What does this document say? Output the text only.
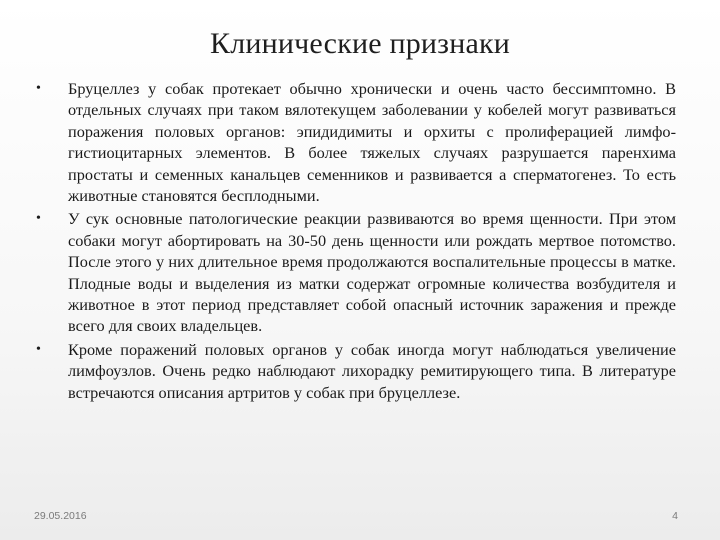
Клинические признаки
• Бруцеллез у собак протекает обычно хронически и очень часто бессимптомно. В отдельных случаях при таком вялотекущем заболевании у кобелей могут развиваться поражения половых органов: эпидидимиты и орхиты с пролиферацией лимфо-гистиоцитарных элементов. В более тяжелых случаях разрушается паренхима простаты и семенных канальцев семенников и развивается а сперматогенез. То есть животные становятся бесплодными.
• У сук основные патологические реакции развиваются во время щенности. При этом собаки могут абортировать на 30-50 день щенности или рождать мертвое потомство. После этого у них длительное время продолжаются воспалительные процессы в матке. Плодные воды и выделения из матки содержат огромные количества возбудителя и животное в этот период представляет собой опасный источник заражения и прежде всего для своих владельцев.
• Кроме поражений половых органов у собак иногда могут наблюдаться увеличение лимфоузлов. Очень редко наблюдают лихорадку ремитирующего типа. В литературе встречаются описания артритов у собак при бруцеллезе.
29.05.2016	4
